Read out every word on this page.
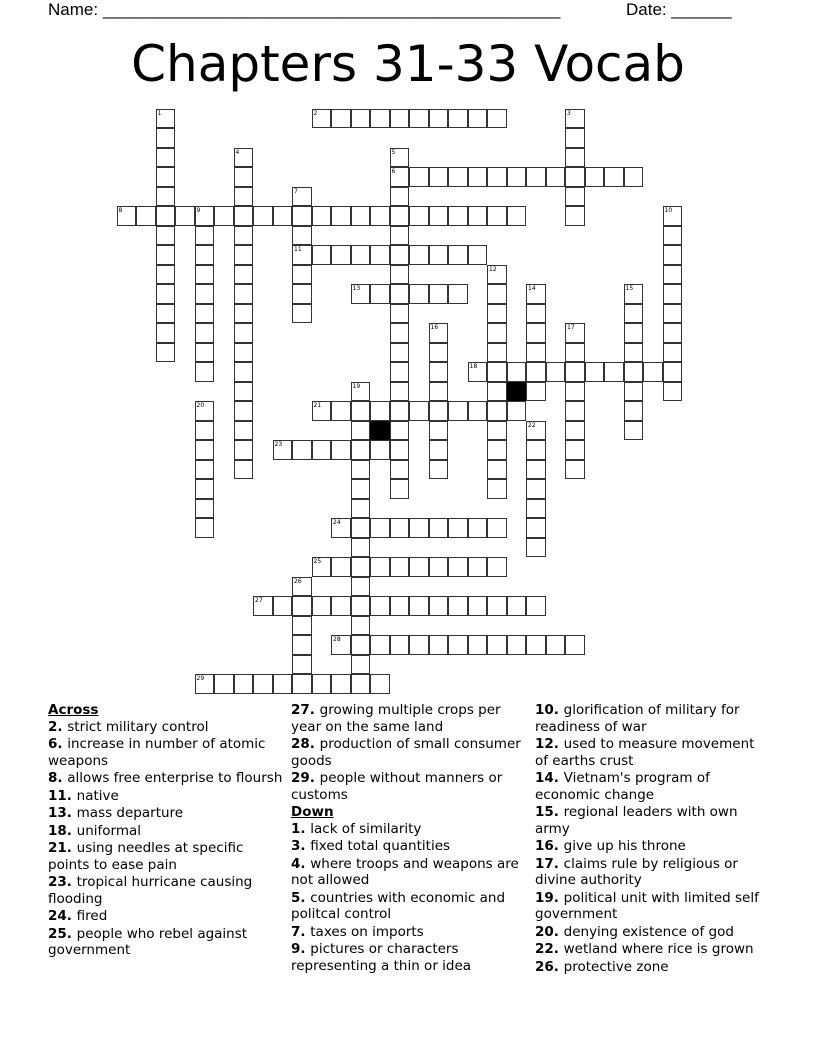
Name: ______________________________________________________	Date: _______
Chapters 31-33 Vocab
1	2	3
4	5
6
7
11
8	9	10
12
13	14	15
16	17
18
19
20	21
22
23
24
25
26
27
28
29
Across
2. strict military control
6. increase in number of atomic weapons
8. allows free enterprise to floursh
11. native
13. mass departure
18. uniformal
21. using needles at specific points to ease pain
23. tropical hurricane causing flooding
24. fired
25. people who rebel against government
27. growing multiple crops per year on the same land
28. production of small consumer goods
29. people without manners or customs
Down
1. lack of similarity
3. fixed total quantities
4. where troops and weapons are not allowed
5. countries with economic and politcal control
7. taxes on imports
9. pictures or characters representing a thin or idea
10. glorification of military for readiness of war
12. used to measure movement of earths crust
14. Vietnam's program of economic change
15. regional leaders with own army
16. give up his throne
17. claims rule by religious or divine authority
19. political unit with limited self government
20. denying existence of god
22. wetland where rice is grown
26. protective zone
